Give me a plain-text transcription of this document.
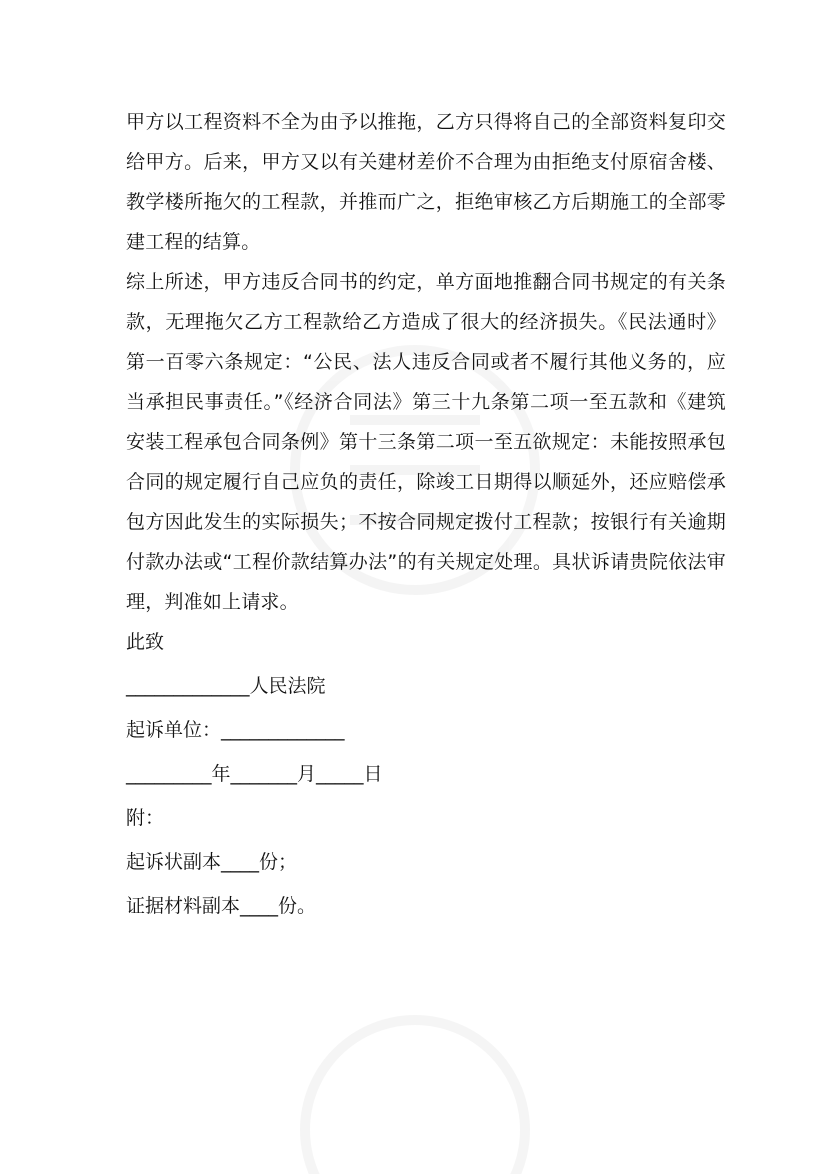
甲方以工程资料不全为由予以推拖，乙方只得将自己的全部资料复印交给甲方。后来，甲方又以有关建材差价不合理为由拒绝支付原宿舍楼、教学楼所拖欠的工程款，并推而广之，拒绝审核乙方后期施工的全部零建工程的结算。

综上所述，甲方违反合同书的约定，单方面地推翻合同书规定的有关条款，无理拖欠乙方工程款给乙方造成了很大的经济损失。《民法通时》第一百零六条规定：“公民、法人违反合同或者不履行其他义务的，应当承担民事责任。”《经济合同法》第三十九条第二项一至五款和《建筑安装工程承包合同条例》第十三条第二项一至五欲规定：未能按照承包合同的规定履行自己应负的责任，除竣工日期得以顺延外，还应赔偿承包方因此发生的实际损失；不按合同规定拨付工程款；按银行有关逾期付款办法或“工程价款结算办法”的有关规定处理。具状诉请贵院依法审理，判准如上请求。

此致

_____________人民法院

起诉单位：_____________

_________年_______月_____日

附：

起诉状副本____份；

证据材料副本____份。
